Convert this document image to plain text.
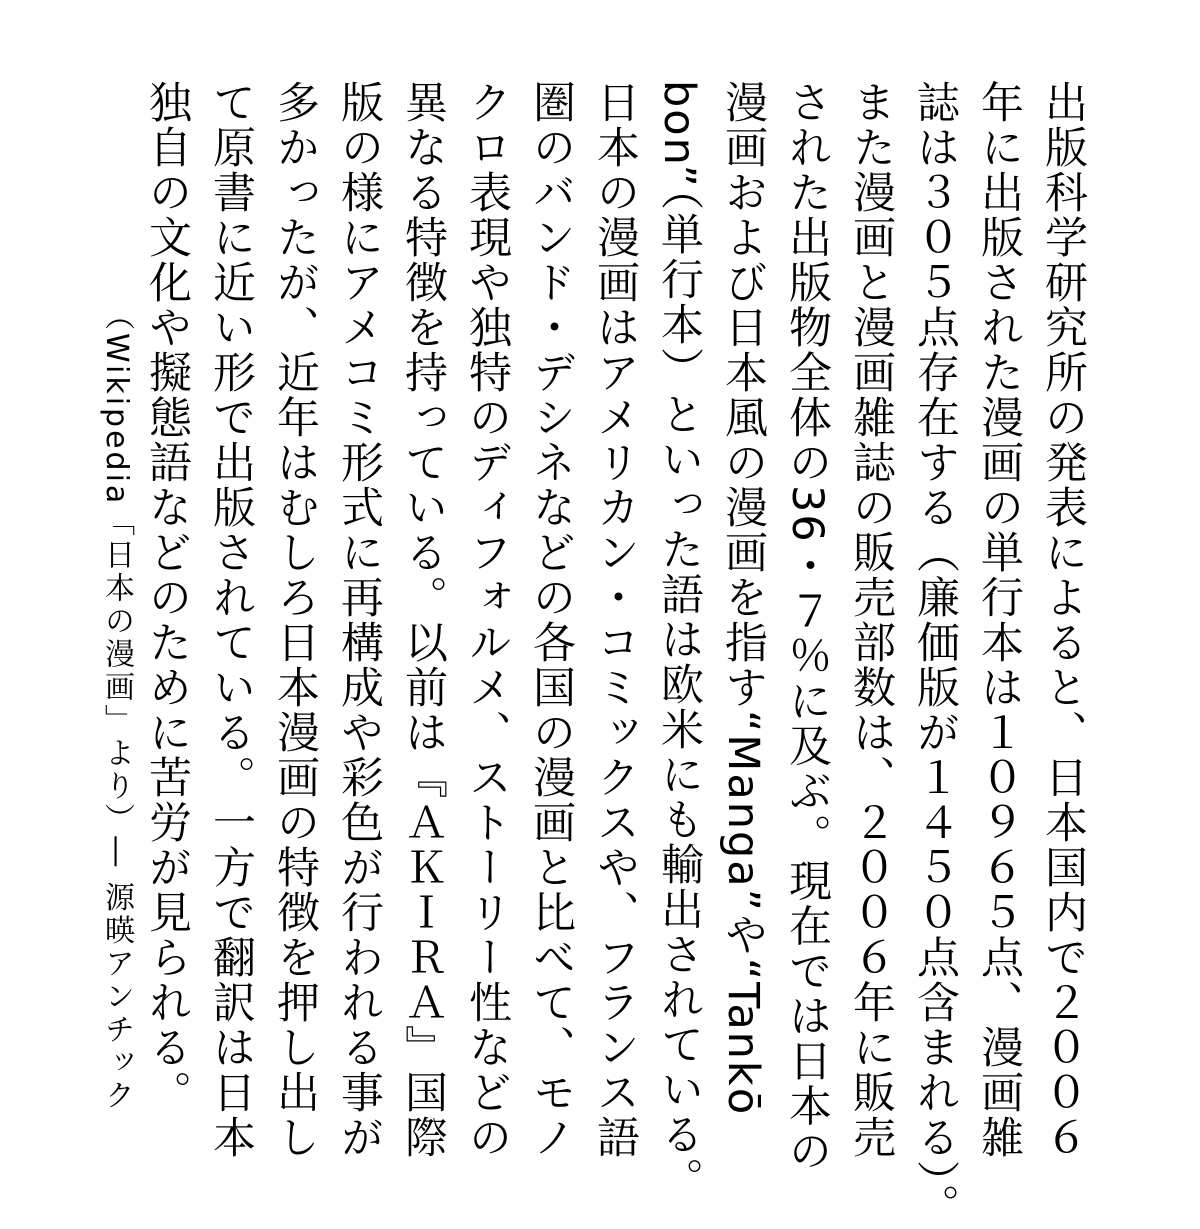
出版科学研究所の発表によると、日本国内で２００６
年に出版された漫画の単行本は１０９６５点、漫画雑
誌は３０５点存在する（廉価版が１４５０点含まれる）。
また漫画と漫画雑誌の販売部数は、２００６年に販売
された出版物全体の36・７％に及ぶ。現在では日本の
漫画および日本風の漫画を指す“Manga”や“Tankō
bon”（単行本）といった語は欧米にも輸出されている。
日本の漫画はアメリカン・コミックスや、フランス語
圏のバンド・デシネなどの各国の漫画と比べて、モノ
クロ表現や独特のディフォルメ、ストーリー性などの
異なる特徴を持っている。以前は『ＡＫＩＲＡ』国際
版の様にアメコミ形式に再構成や彩色が行われる事が
多かったが、近年はむしろ日本漫画の特徴を押し出し
て原書に近い形で出版されている。一方で翻訳は日本
独自の文化や擬態語などのために苦労が見られる。
（Wikipedia「日本の漫画」より）― 源暎アンチック
